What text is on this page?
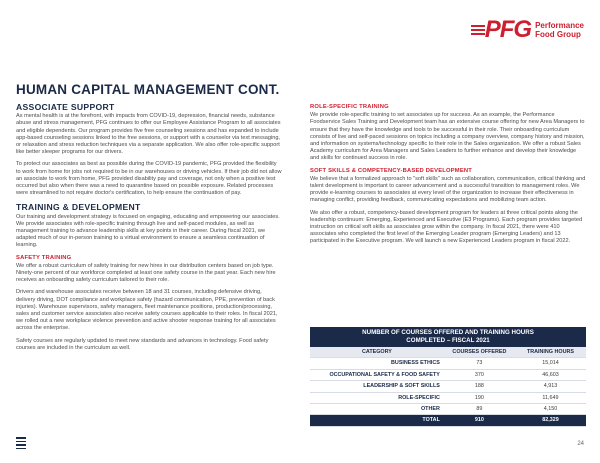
PFG Performance
Food Group
HUMAN CAPITAL MANAGEMENT CONT.
ASSOCIATE SUPPORT

As mental health is at the forefront, with impacts from COVID-19, depression, financial needs, substance abuse and stress management, PFG continues to offer our Employee Assistance Program to all associates and eligible dependents. Our program provides five free counseling sessions and has expanded to include app-based counseling sessions linked to the free sessions, or support with a counselor via text messaging, or relaxation and stress reduction techniques via a separate application. We also offer role-specific support like better sleeper programs for our drivers.

To protect our associates as best as possible during the COVID-19 pandemic, PFG provided the flexibility to work from home for jobs not required to be in our warehouses or driving vehicles. If their job did not allow an associate to work from home, PFG provided disability pay and coverage, not only when a positive test occurred but also when there was a need to quarantine based on possible exposure. Related processes were streamlined to not require doctor's certification, to help ensure the continuation of pay.

TRAINING & DEVELOPMENT

Our training and development strategy is focused on engaging, educating and empowering our associates. We provide associates with role-specific training through live and self-paced modules, as well as management training to advance leadership skills at key points in their career. During fiscal 2021, we adapted much of our in-person training to a virtual environment to ensure a seamless continuation of learning.

SAFETY TRAINING

We offer a robust curriculum of safety training for new hires in our distribution centers based on job type. Ninety-one percent of our workforce completed at least one safety course in the past year. Each new hire receives an onboarding safety curriculum tailored to their role.

Drivers and warehouse associates receive between 18 and 31 courses, including defensive driving, delivery driving, DOT compliance and workplace safety (hazard communication, PPE, prevention of back injuries). Warehouse supervisors, safety managers, fleet maintenance positions, production/processing, sales and customer service associates also receive safety courses applicable to their roles. In fiscal 2021, we rolled out a new workplace violence prevention and active shooter response training for all associates across the enterprise.

Safety courses are regularly updated to meet new standards and advances in technology. Food safety courses are included in the curriculum as well.

ROLE-SPECIFIC TRAINING

We provide role-specific training to set associates up for success. As an example, the Performance Foodservice Sales Training and Development team has an extensive course offering for new Area Managers to ensure that they have the knowledge and tools to be successful in their role. Their onboarding curriculum consists of live and self-paced sessions on topics including a company overview, company history and mission, and information on systems/technology specific to their role in the Sales organization. We offer a robust Sales Academy curriculum for Area Managers and Sales Leaders to further enhance and develop their knowledge and skills for continued success in role.

SOFT SKILLS & COMPETENCY-BASED DEVELOPMENT

We believe that a formalized approach to "soft skills" such as collaboration, communication, critical thinking and talent development is important to career advancement and a successful transition to management roles. We provide e-learning courses to associates at every level of the organization to increase their effectiveness in managing conflict, providing feedback, communicating expectations and mobilizing team action.

We also offer a robust, competency-based development program for leaders at three critical points along the leadership continuum: Emerging, Experienced and Executive (E3 Programs). Each program provides targeted instruction on critical soft skills as associates grow within the company. In fiscal 2021, there were 410 associates who completed the first level of the Emerging Leader program (Emerging Leaders) and 13 participated in the Executive program. We will launch a new Experienced Leaders program in fiscal 2022.

NUMBER OF COURSES OFFERED AND TRAINING HOURS
COMPLETED – FISCAL 2021
CATEGORY	COURSES OFFERED	TRAINING HOURS
BUSINESS ETHICS	73	15,014
OCCUPATIONAL SAFETY & FOOD SAFETY	370	46,603
LEADERSHIP & SOFT SKILLS	188	4,913
ROLE-SPECIFIC	190	11,649
OTHER	89	4,150
TOTAL	910	82,329
24
